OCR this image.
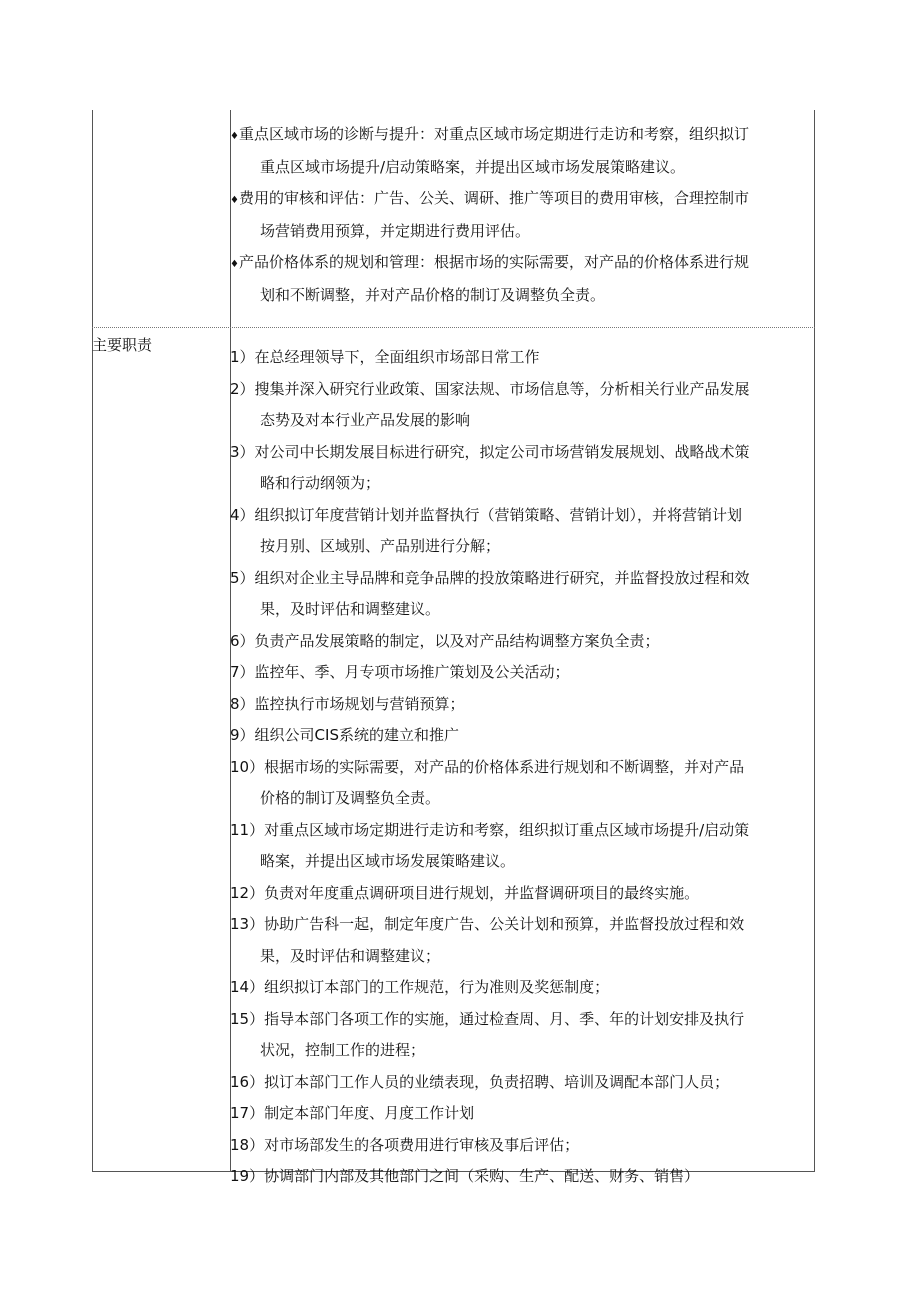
♦重点区域市场的诊断与提升：对重点区域市场定期进行走访和考察，组织拟订
重点区域市场提升/启动策略案，并提出区域市场发展策略建议。

♦费用的审核和评估：广告、公关、调研、推广等项目的费用审核，合理控制市
场营销费用预算，并定期进行费用评估。

♦产品价格体系的规划和管理：根据市场的实际需要，对产品的价格体系进行规
划和不断调整，并对产品价格的制订及调整负全责。

主要职责

1）在总经理领导下，全面组织市场部日常工作

2）搜集并深入研究行业政策、国家法规、市场信息等，分析相关行业产品发展
态势及对本行业产品发展的影响

3）对公司中长期发展目标进行研究，拟定公司市场营销发展规划、战略战术策
略和行动纲领为；

4）组织拟订年度营销计划并监督执行（营销策略、营销计划），并将营销计划
按月别、区域别、产品别进行分解；

5）组织对企业主导品牌和竞争品牌的投放策略进行研究，并监督投放过程和效
果，及时评估和调整建议。

6）负责产品发展策略的制定，以及对产品结构调整方案负全责；

7）监控年、季、月专项市场推广策划及公关活动；

8）监控执行市场规划与营销预算；

9）组织公司CIS系统的建立和推广

10）根据市场的实际需要，对产品的价格体系进行规划和不断调整，并对产品
价格的制订及调整负全责。

11）对重点区域市场定期进行走访和考察，组织拟订重点区域市场提升/启动策
略案，并提出区域市场发展策略建议。

12）负责对年度重点调研项目进行规划，并监督调研项目的最终实施。

13）协助广告科一起，制定年度广告、公关计划和预算，并监督投放过程和效
果，及时评估和调整建议；

14）组织拟订本部门的工作规范，行为准则及奖惩制度；

15）指导本部门各项工作的实施，通过检查周、月、季、年的计划安排及执行
状况，控制工作的进程；

16）拟订本部门工作人员的业绩表现，负责招聘、培训及调配本部门人员；

17）制定本部门年度、月度工作计划

18）对市场部发生的各项费用进行审核及事后评估；

19）协调部门内部及其他部门之间（采购、生产、配送、财务、销售）
